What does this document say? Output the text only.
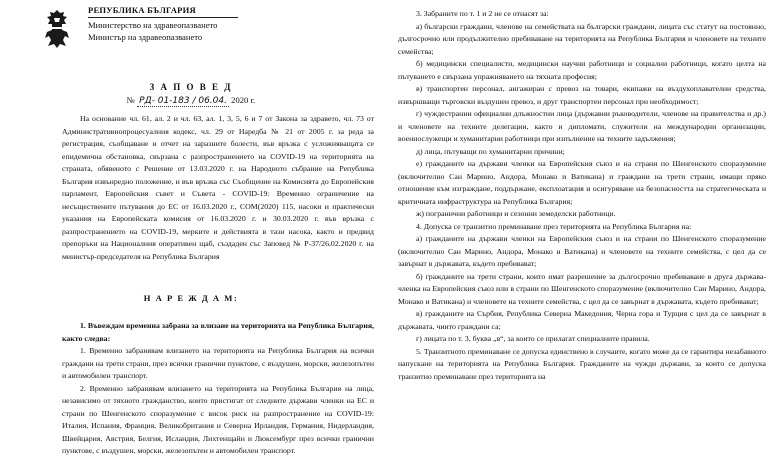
РЕПУБЛИКА БЪЛГАРИЯ
Министерство на здравеопазването
Министър на здравеопазването
З А П О В Е Д
№ РД- 01-183 / 06.04. 2020 г.

На основание чл. 61, ал. 2 и чл. 63, ал. 1, 3, 5, 6 и 7 от Закона за здравето, чл. 73 от Административнопроцесуалния кодекс, чл. 29 от Наредба № 21 от 2005 г. за реда за регистрация, съобщаване и отчет на заразните болести, във връзка с усложняващата се епидемична обстановка, свързана с разпространението на COVID-19 на територията на страната, обявеното с Решение от 13.03.2020 г. на Народното събрание на Република България извънредно положение, и във връзка със Съобщение на Комисията до Европейския парламент, Европейския съвет и Съвета - COVID-19: Временно ограничение на несъществените пътувания до ЕС от 16.03.2020 г., COM(2020) 115, насоки и практически указания на Европейската комисия от 16.03.2020 г. и 30.03.2020 г. във връзка с разпространението на COVID-19, мерките и действията в тази насока, както и предвид препоръки на Националния оперативен щаб, създаден със Заповед № Р-37/26.02.2020 г. на министър-председателя на Република България

Н А Р Е Ж Д А М:

1. Въвеждам временна забрана за влизане на територията на Република България, както следва:

1. Временно забранявам влизането на територията на Република България на всички граждани на трети страни, през всички гранични пунктове, с въздушен, морски, железопътен и автомобилен транспорт.

2. Временно забранявам влизането на територията на Република България на лица, независимо от тяхното гражданство, които пристигат от следните държави членки на ЕС и страни по Шенгенското споразумение с висок риск на разпространение на COVID-19: Италия, Испания, Франция, Великобритания и Северна Ирландия, Германия, Нидерландия, Швейцария, Австрия, Белгия, Исландия, Лихтенщайн и Люксембург през всички гранични пунктове, с въздушен, морски, железопътен и автомобилен транспорт.

3. Забраните по т. 1 и 2 не се отнасят за:

а) български граждани, членове на семействата на български граждани, лицата със статут на постоянно, дългосрочно или продължително пребиваване на територията на Република България и членовете на техните семейства;

б) медицински специалисти, медицински научни работници и социални работници, когато целта на пътуването е свързана упражняването на тяхната професия;

в) транспортен персонал, ангажиран с превоз на товари, екипажи на въздухоплавателни средства, извършващи търговски въздушен превоз, и друг транспортен персонал при необходимост;

г) чуждестранни официални длъжностни лица (държавни ръководители, членове на правителства и др.) и членовете на техните делегации, както и дипломати, служители на международни организации, военнослужещи и хуманитарни работници при изпълнение на техните задължения;

д) лица, пътуващи по хуманитарни причини;

е) гражданите на държави членки на Европейския съюз и на страни по Шенгенското споразумение (включително Сан Марино, Андора, Монако и Ватикана) и граждани на трети страни, имащи пряко отношение към изграждане, поддържане, експлоатация и осигуряване на безопасността на стратегическата и критичната инфраструктура на Република България;

ж) погранични работници и сезонни земеделски работници.

4. Допуска се транзитно преминаване през територията на Република България на:

а) гражданите на държави членки на Европейския съюз и на страни по Шенгенското споразумение (включително Сан Марино, Андора, Монако и Ватикана) и членовете на техните семейства, с цел да се завърнат в държавата, където пребивават;

б) гражданите на трети страни, които имат разрешение за дългосрочно пребиваване в друга държава-членка на Европейския съюз или в страни по Шенгенското споразумение (включително Сан Марино, Андора, Монако и Ватикана) и членовете на техните семейства, с цел да се завърнат в държавата, където пребивават;

в) гражданите на Сърбия, Република Северна Македония, Черна гора и Турция с цел да се завърнат в държавата, чиито граждани са;

г) лицата по т. 3, буква „в“, за които се прилагат специалните правила.

5. Транзитното преминаване се допуска единствено в случаите, когато може да се гарантира незабавното напускане на територията на Република България. Гражданите на чужди държави, за които се допуска транзитно преминаване през територията на
